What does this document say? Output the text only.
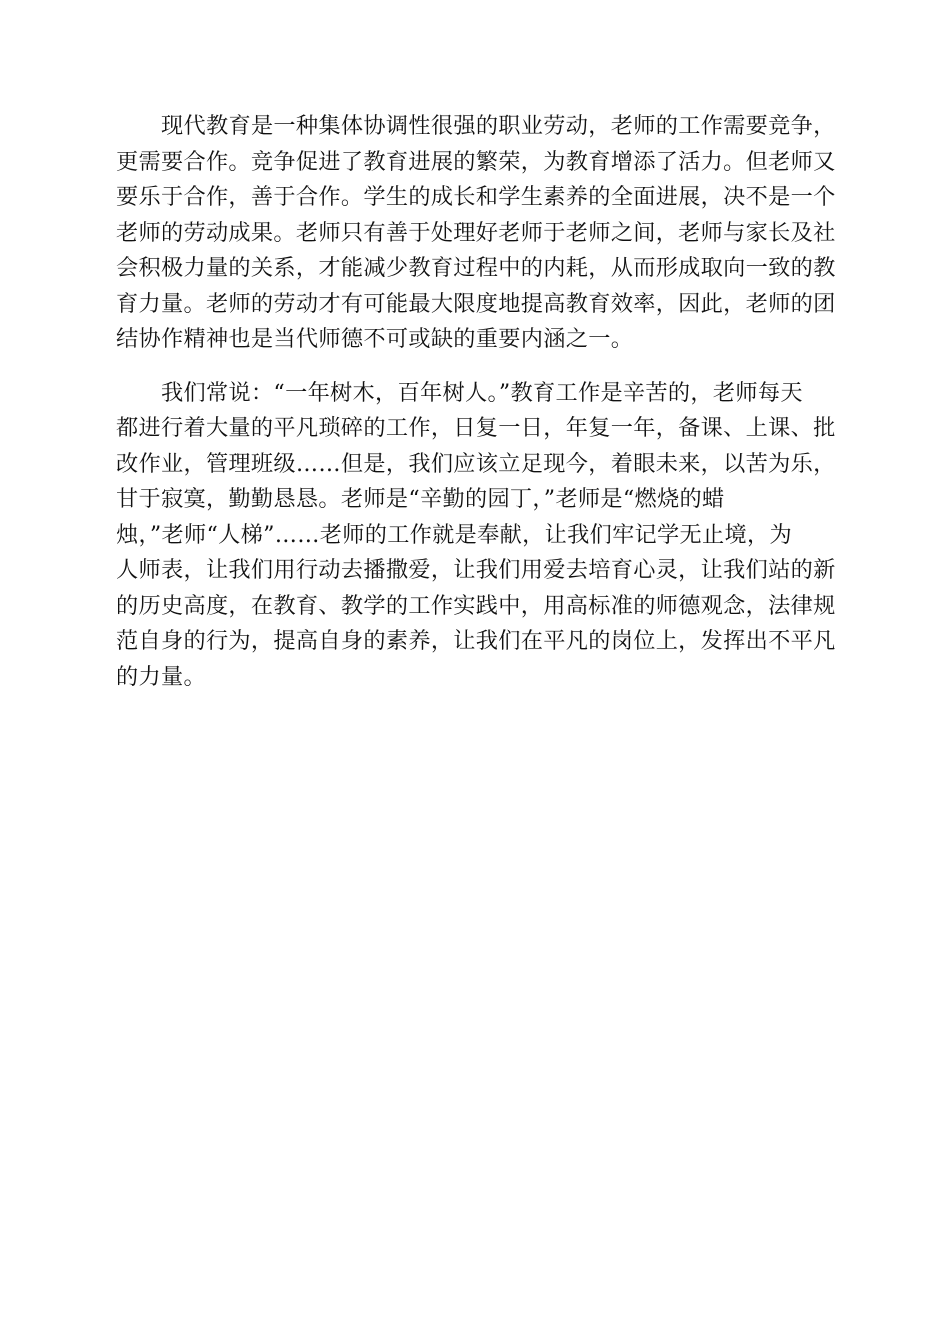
现代教育是一种集体协调性很强的职业劳动，老师的工作需要竞争，
更需要合作。竞争促进了教育进展的繁荣，为教育增添了活力。但老师又
要乐于合作，善于合作。学生的成长和学生素养的全面进展，决不是一个
老师的劳动成果。老师只有善于处理好老师于老师之间，老师与家长及社
会积极力量的关系，才能减少教育过程中的内耗，从而形成取向一致的教
育力量。老师的劳动才有可能最大限度地提高教育效率，因此，老师的团
结协作精神也是当代师德不可或缺的重要内涵之一。
我们常说：“一年树木，百年树人。”教育工作是辛苦的，老师每天
都进行着大量的平凡琐碎的工作，日复一日，年复一年，备课、上课、批
改作业，管理班级……但是，我们应该立足现今，着眼未来，以苦为乐，
甘于寂寞，勤勤恳恳。老师是“辛勤的园丁，”老师是“燃烧的蜡
烛，”老师“人梯”……老师的工作就是奉献，让我们牢记学无止境，为
人师表，让我们用行动去播撒爱，让我们用爱去培育心灵，让我们站的新
的历史高度，在教育、教学的工作实践中，用高标准的师德观念，法律规
范自身的行为，提高自身的素养，让我们在平凡的岗位上，发挥出不平凡
的力量。
